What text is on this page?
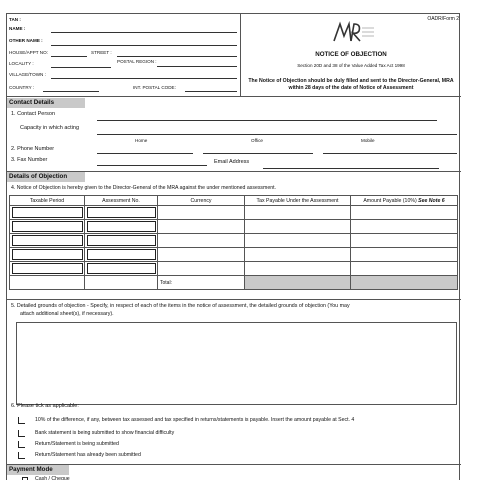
TAN :
NAME :
OTHER NAME :
HOUSE/APPT NO:	STREET :
LOCALITY :	POSTAL REGION :
VILLAGE/TOWN :
COUNTRY :	INT. POSTAL CODE:
OADR/Form 2
NOTICE OF OBJECTION
Section 20D and 38 of the Value Added Tax Act 1998
The Notice of Objection should be duly filled and sent to the Director-General, MRA within 28 days of the date of Notice of Assessment
Contact Details
1. Contact Person
Capacity in which acting
Home	Office	Mobile
2. Phone Number
3. Fax Number	Email Address
Details of Objection
4. Notice of Objection is hereby given to the Director-General of the MRA against the under mentioned assessment.
Taxable Period	Assessment No.	Currency	Tax Payable Under the Assessment	Amount Payable (10%) See Note 6

		Total:		
5. Detailed grounds of objection - Specify, in respect of each of the items in the notice of assessment, the detailed grounds of objection (You may
attach additional sheet(s), if necessary).
6. Please tick as applicable:
10% of the difference, if any, between tax assessed and tax specified in returns/statements is payable. Insert the amount payable at Sect. 4
Bank statement is being submitted to show financial difficulty
Return/Statement is being submitted
Return/Statement has already been submitted
Payment Mode
Cash / Cheque
